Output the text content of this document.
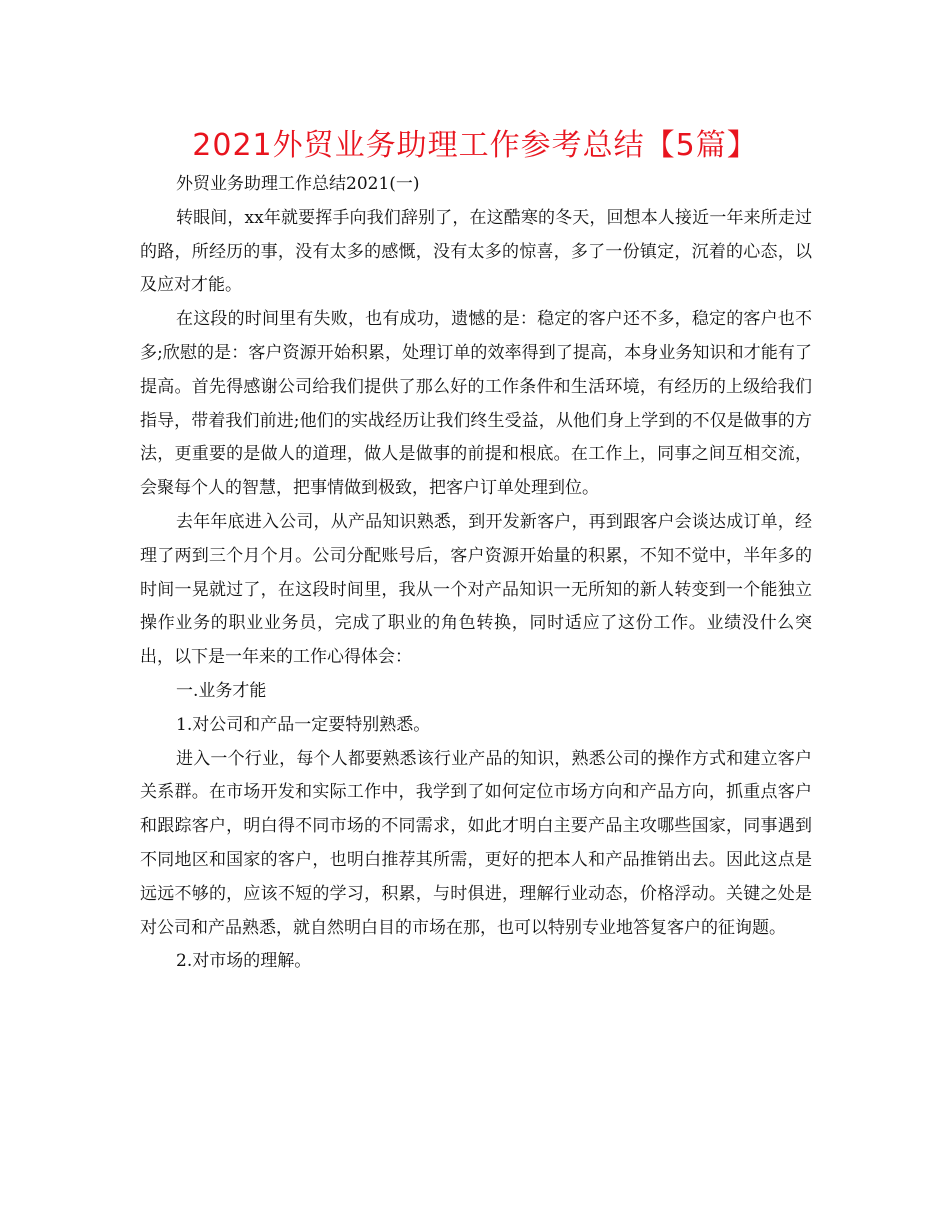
2021外贸业务助理工作参考总结【5篇】

外贸业务助理工作总结2021(一)

转眼间，xx年就要挥手向我们辞别了，在这酷寒的冬天，回想本人接近一年来所走过的路，所经历的事，没有太多的感慨，没有太多的惊喜，多了一份镇定，沉着的心态，以及应对才能。

在这段的时间里有失败，也有成功，遗憾的是：稳定的客户还不多，稳定的客户也不多;欣慰的是：客户资源开始积累，处理订单的效率得到了提高，本身业务知识和才能有了提高。首先得感谢公司给我们提供了那么好的工作条件和生活环境，有经历的上级给我们指导，带着我们前进;他们的实战经历让我们终生受益，从他们身上学到的不仅是做事的方法，更重要的是做人的道理，做人是做事的前提和根底。在工作上，同事之间互相交流，会聚每个人的智慧，把事情做到极致，把客户订单处理到位。

去年年底进入公司，从产品知识熟悉，到开发新客户，再到跟客户会谈达成订单，经理了两到三个月个月。公司分配账号后，客户资源开始量的积累，不知不觉中，半年多的时间一晃就过了，在这段时间里，我从一个对产品知识一无所知的新人转变到一个能独立操作业务的职业业务员，完成了职业的角色转换，同时适应了这份工作。业绩没什么突出，以下是一年来的工作心得体会：

一.业务才能

1.对公司和产品一定要特别熟悉。

进入一个行业，每个人都要熟悉该行业产品的知识，熟悉公司的操作方式和建立客户关系群。在市场开发和实际工作中，我学到了如何定位市场方向和产品方向，抓重点客户和跟踪客户，明白得不同市场的不同需求，如此才明白主要产品主攻哪些国家，同事遇到不同地区和国家的客户，也明白推荐其所需，更好的把本人和产品推销出去。因此这点是远远不够的，应该不短的学习，积累，与时俱进，理解行业动态，价格浮动。关键之处是对公司和产品熟悉，就自然明白目的市场在那，也可以特别专业地答复客户的征询题。

2.对市场的理解。
